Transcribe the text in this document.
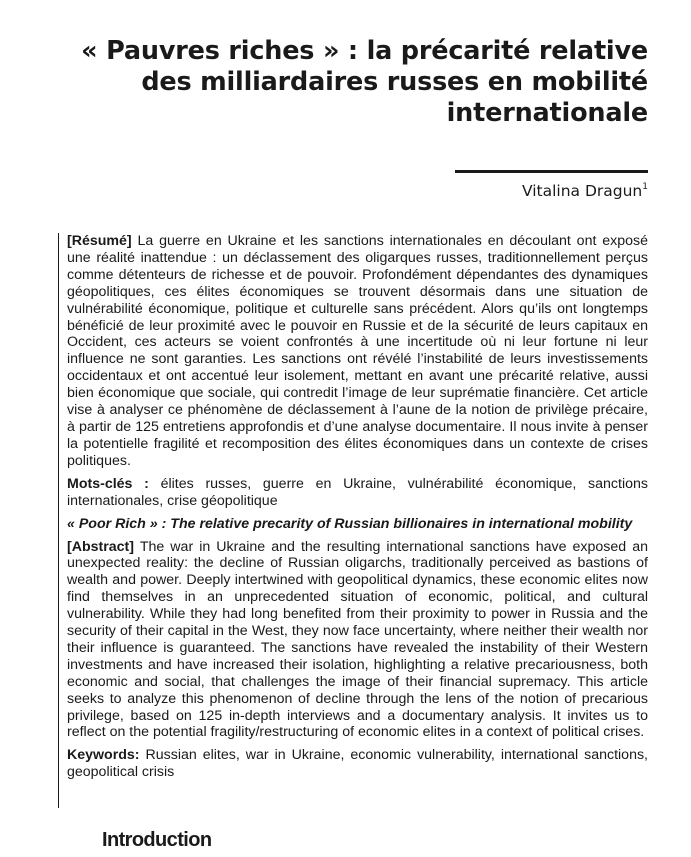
« Pauvres riches » : la précarité relative des milliardaires russes en mobilité internationale
Vitalina Dragun$^1$

[Résumé] La guerre en Ukraine et les sanctions internationales en découlant ont exposé une réalité inattendue : un déclassement des oligarques russes, traditionnellement perçus comme détenteurs de richesse et de pouvoir. Profondément dépendantes des dynamiques géopolitiques, ces élites économiques se trouvent désormais dans une situation de vulnérabilité économique, politique et culturelle sans précédent. Alors qu’ils ont longtemps bénéficié de leur proximité avec le pouvoir en Russie et de la sécurité de leurs capitaux en Occident, ces acteurs se voient confrontés à une incertitude où ni leur fortune ni leur influence ne sont garanties. Les sanctions ont révélé l’instabilité de leurs investissements occidentaux et ont accentué leur isolement, mettant en avant une précarité relative, aussi bien économique que sociale, qui contredit l’image de leur suprématie financière. Cet article vise à analyser ce phénomène de déclassement à l’aune de la notion de privilège précaire, à partir de 125 entretiens approfondis et d’une analyse documentaire. Il nous invite à penser la potentielle fragilité et recomposition des élites économiques dans un contexte de crises politiques.

Mots-clés : élites russes, guerre en Ukraine, vulnérabilité économique, sanctions internationales, crise géopolitique

« Poor Rich » : The relative precarity of Russian billionaires in international mobility

[Abstract] The war in Ukraine and the resulting international sanctions have exposed an unexpected reality: the decline of Russian oligarchs, traditionally perceived as bastions of wealth and power. Deeply intertwined with geopolitical dynamics, these economic elites now find themselves in an unprecedented situation of economic, political, and cultural vulnerability. While they had long benefited from their proximity to power in Russia and the security of their capital in the West, they now face uncertainty, where neither their wealth nor their influence is guaranteed. The sanctions have revealed the instability of their Western investments and have increased their isolation, highlighting a relative precariousness, both economic and social, that challenges the image of their financial supremacy. This article seeks to analyze this phenomenon of decline through the lens of the notion of precarious privilege, based on 125 in-depth interviews and a documentary analysis. It invites us to reflect on the potential fragility/restructuring of economic elites in a context of political crises.

Keywords: Russian elites, war in Ukraine, economic vulnerability, international sanctions, geopolitical crisis

Introduction
